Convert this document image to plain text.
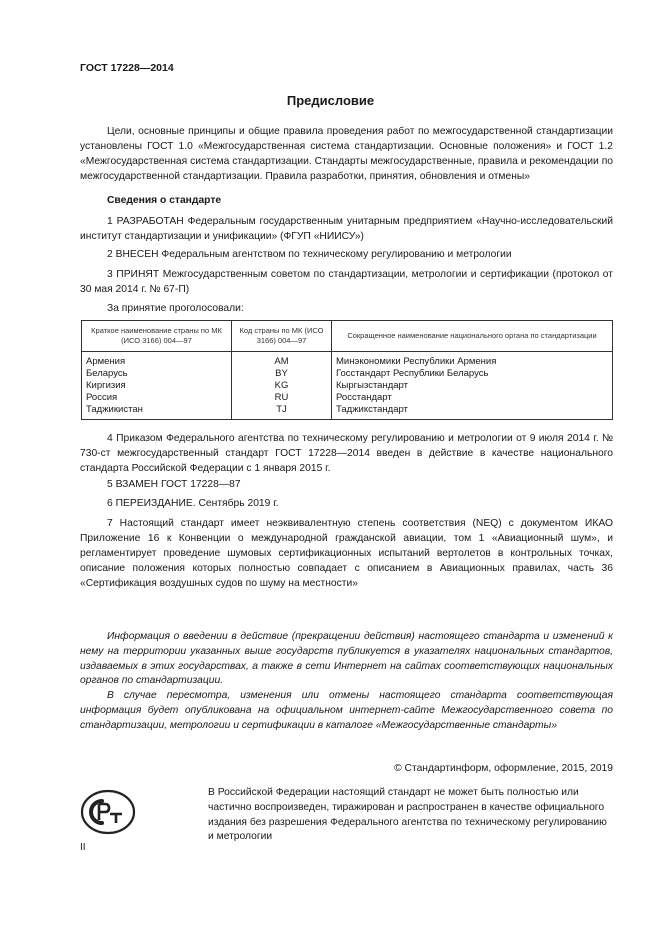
ГОСТ 17228—2014
Предисловие

Цели, основные принципы и общие правила проведения работ по межгосударственной стандартизации установлены ГОСТ 1.0 «Межгосударственная система стандартизации. Основные положения» и ГОСТ 1.2 «Межгосударственная система стандартизации. Стандарты межгосударственные, правила и рекомендации по межгосударственной стандартизации. Правила разработки, принятия, обновления и отмены»

Сведения о стандарте
1 РАЗРАБОТАН Федеральным государственным унитарным предприятием «Научно-исследовательский институт стандартизации и унификации» (ФГУП «НИИСУ»)
2 ВНЕСЕН Федеральным агентством по техническому регулированию и метрологии
3 ПРИНЯТ Межгосударственным советом по стандартизации, метрологии и сертификации (протокол от 30 мая 2014 г. № 67-П)
За принятие проголосовали:
Краткое наименование страны по МК (ИСО 3166) 004—97	Код страны по МК (ИСО 3166) 004—97	Сокращенное наименование национального органа по стандартизации
Армения	AM	Минэкономики Республики Армения
Беларусь	BY	Госстандарт Республики Беларусь
Киргизия	KG	Кыргызстандарт
Россия	RU	Росстандарт
Таджикистан	TJ	Таджикстандарт
4 Приказом Федерального агентства по техническому регулированию и метрологии от 9 июля 2014 г. № 730-ст межгосударственный стандарт ГОСТ 17228—2014 введен в действие в качестве национального стандарта Российской Федерации с 1 января 2015 г.
5 ВЗАМЕН ГОСТ 17228—87
6 ПЕРЕИЗДАНИЕ. Сентябрь 2019 г.
7 Настоящий стандарт имеет неэквивалентную степень соответствия (NEQ) с документом ИКАО Приложение 16 к Конвенции о международной гражданской авиации, том 1 «Авиационный шум», и регламентирует проведение шумовых сертификационных испытаний вертолетов в контрольных точках, описание положения которых полностью совпадает с описанием в Авиационных правилах, часть 36 «Сертификация воздушных судов по шуму на местности»

Информация о введении в действие (прекращении действия) настоящего стандарта и изменений к нему на территории указанных выше государств публикуется в указателях национальных стандартов, издаваемых в этих государствах, а также в сети Интернет на сайтах соответствующих национальных органов по стандартизации.

В случае пересмотра, изменения или отмены настоящего стандарта соответствующая информация будет опубликована на официальном интернет-сайте Межгосударственного совета по стандартизации, метрологии и сертификации в каталоге «Межгосударственные стандарты»

© Стандартинформ, оформление, 2015, 2019

В Российской Федерации настоящий стандарт не может быть полностью или частично воспроизведен, тиражирован и распространен в качестве официального издания без разрешения Федерального агентства по техническому регулированию и метрологии

II
